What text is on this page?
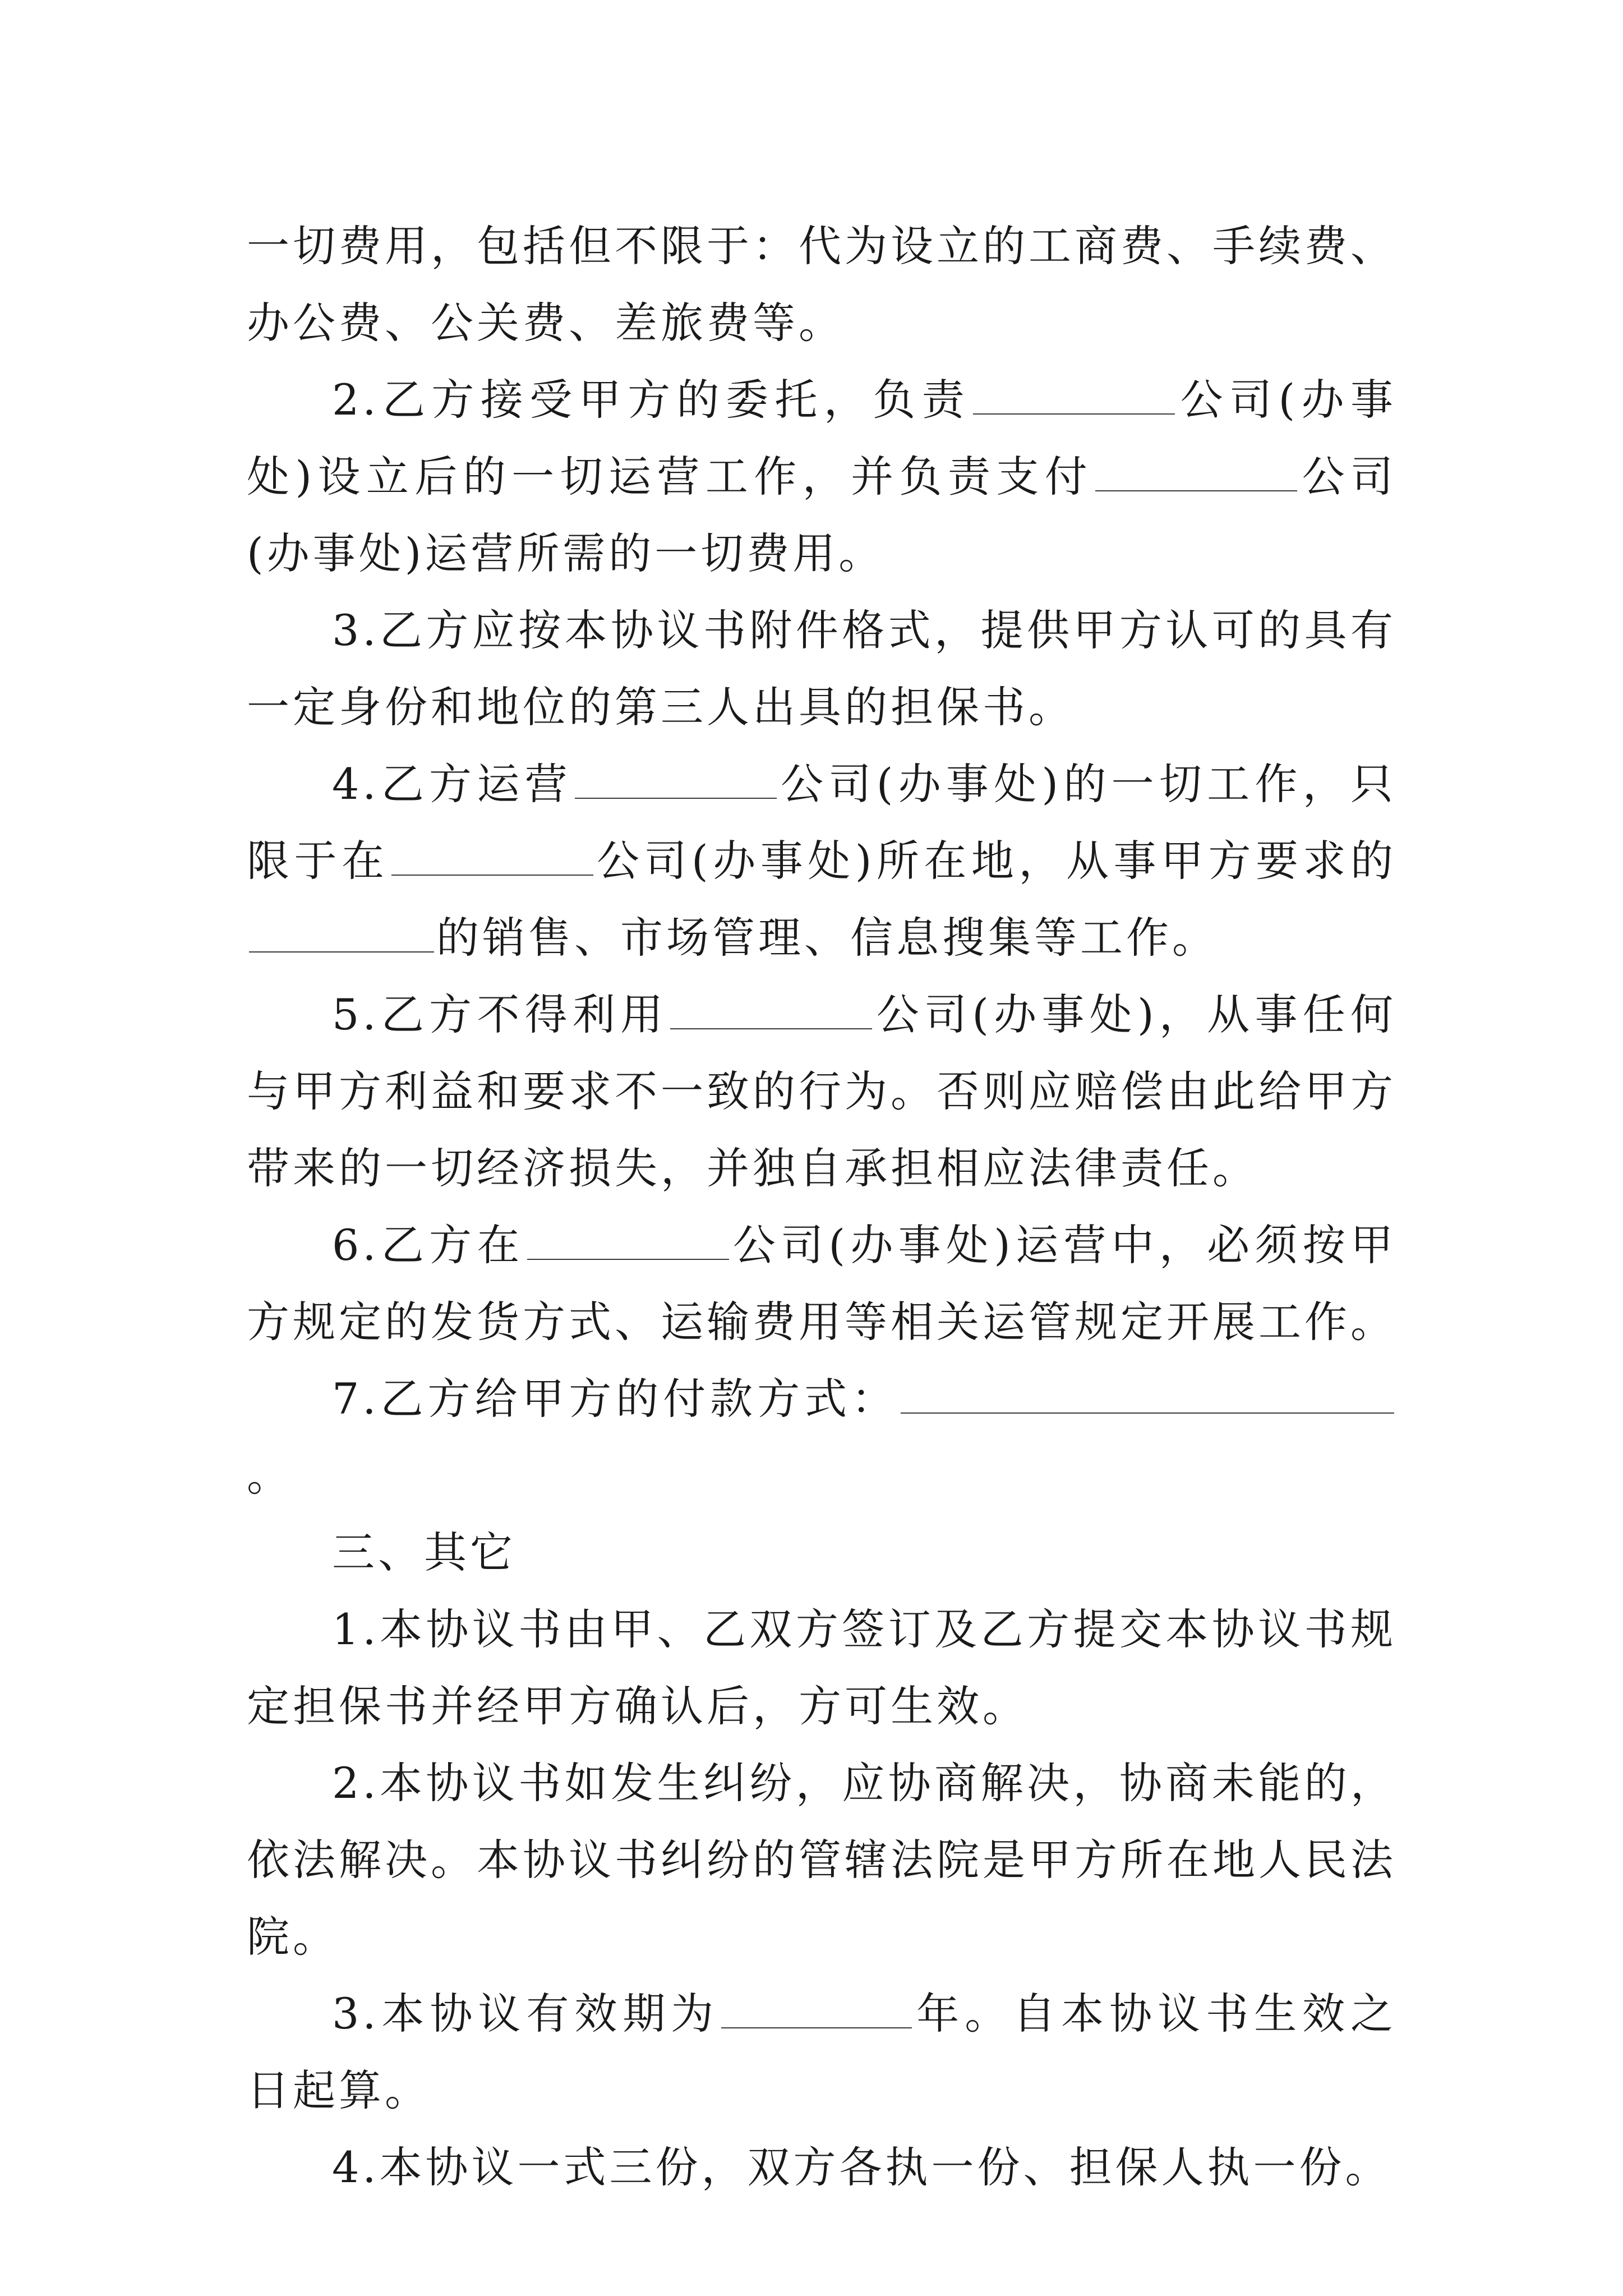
一切费用，包括但不限于：代为设立的工商费、手续费、办公费、公关费、差旅费等。

2.乙方接受甲方的委托，负责	公司(办事处)设立后的一切运营工作，并负责支付	公司(办事处)运营所需的一切费用。

3.乙方应按本协议书附件格式，提供甲方认可的具有一定身份和地位的第三人出具的担保书。

4.乙方运营	公司(办事处)的一切工作，只限于在	公司(办事处)所在地，从事甲方要求的的销售、市场管理、信息搜集等工作。

5.乙方不得利用	公司(办事处)，从事任何与甲方利益和要求不一致的行为。否则应赔偿由此给甲方带来的一切经济损失，并独自承担相应法律责任。

6.乙方在	公司(办事处)运营中，必须按甲方规定的发货方式、运输费用等相关运管规定开展工作。

7.乙方给甲方的付款方式：。

三、其它

1.本协议书由甲、乙双方签订及乙方提交本协议书规定担保书并经甲方确认后，方可生效。

2.本协议书如发生纠纷，应协商解决，协商未能的，依法解决。本协议书纠纷的管辖法院是甲方所在地人民法院。

3.本协议有效期为	年。自本协议书生效之日起算。

4.本协议一式三份，双方各执一份、担保人执一份。
